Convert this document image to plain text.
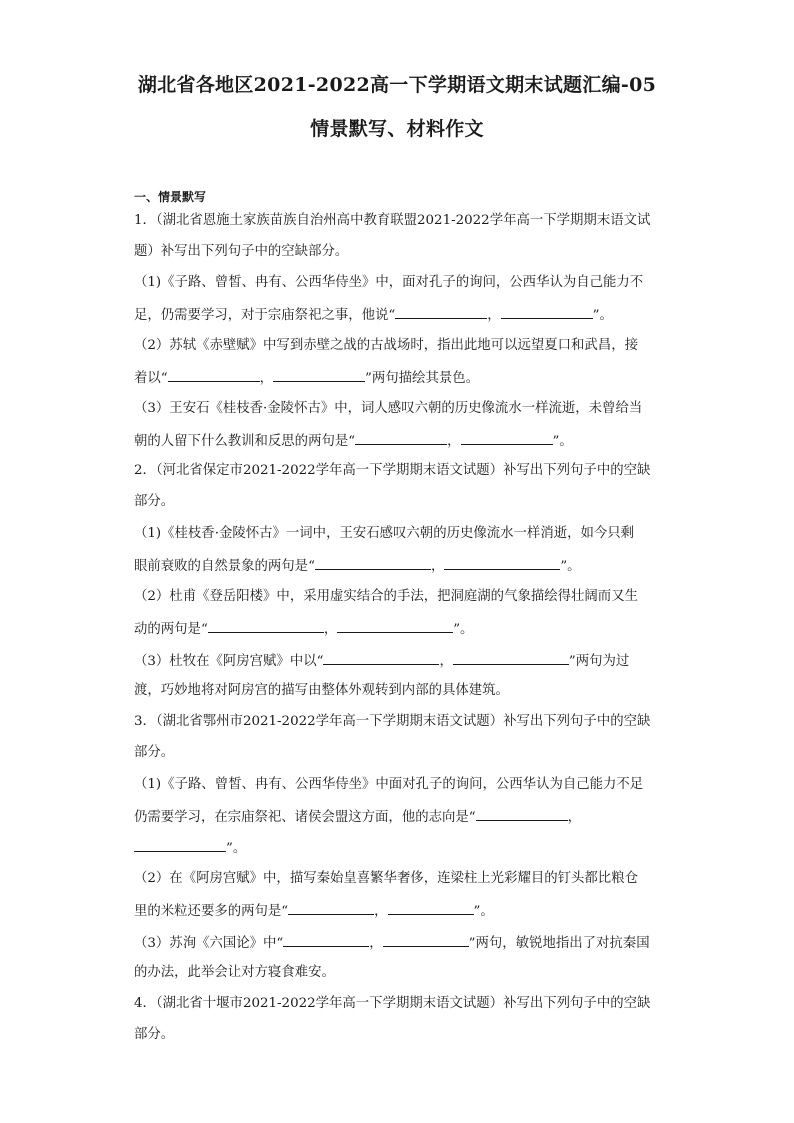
湖北省各地区2021-2022高一下学期语文期末试题汇编-05
情景默写、材料作文
一、情景默写
1．（湖北省恩施土家族苗族自治州高中教育联盟2021-2022学年高一下学期期末语文试
题）补写出下列句子中的空缺部分。
（1)《子路、曾皙、冉有、公西华侍坐》中，面对孔子的询问，公西华认为自己能力不
足，仍需要学习，对于宗庙祭祀之事，他说“	，	”。
（2）苏轼《赤壁赋》中写到赤壁之战的古战场时，指出此地可以远望夏口和武昌，接
着以“	，	”两句描绘其景色。
（3）王安石《桂枝香·金陵怀古》中，词人感叹六朝的历史像流水一样流逝，未曾给当
朝的人留下什么教训和反思的两句是“	，	”。
2．（河北省保定市2021-2022学年高一下学期期末语文试题）补写出下列句子中的空缺
部分。
（1)《桂枝香·金陵怀古》一词中，王安石感叹六朝的历史像流水一样消逝，如今只剩
眼前衰败的自然景象的两句是“	，	”。
（2）杜甫《登岳阳楼》中，采用虚实结合的手法，把洞庭湖的气象描绘得壮阔而又生
动的两句是“	，	”。
（3）杜牧在《阿房宫赋》中以“	，	”两句为过
渡，巧妙地将对阿房宫的描写由整体外观转到内部的具体建筑。
3．（湖北省鄂州市2021-2022学年高一下学期期末语文试题）补写出下列句子中的空缺
部分。
（1)《子路、曾皙、冉有、公西华侍坐》中面对孔子的询问，公西华认为自己能力不足
仍需要学习，在宗庙祭祀、诸侯会盟这方面，他的志向是“	，
”。
（2）在《阿房宫赋》中，描写秦始皇喜繁华奢侈，连梁柱上光彩耀目的钉头都比粮仓
里的米粒还要多的两句是“	，	”。
（3）苏洵《六国论》中“	，	”两句，敏锐地指出了对抗秦国
的办法，此举会让对方寝食难安。
4．（湖北省十堰市2021-2022学年高一下学期期末语文试题）补写出下列句子中的空缺
部分。
